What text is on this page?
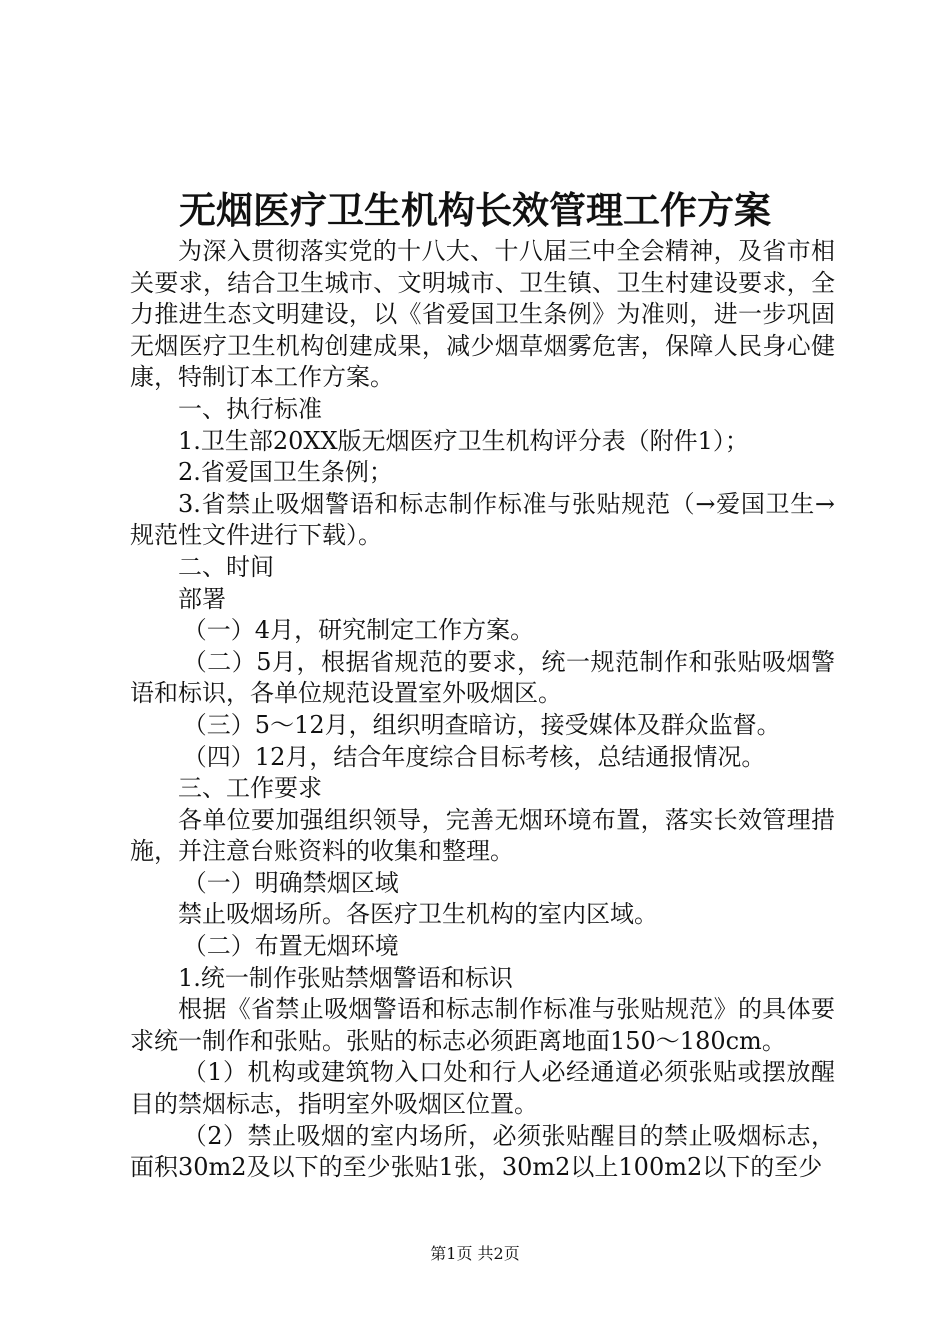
无烟医疗卫生机构长效管理工作方案

为深入贯彻落实党的十八大、十八届三中全会精神，及省市相关要求，结合卫生城市、文明城市、卫生镇、卫生村建设要求，全力推进生态文明建设，以《省爱国卫生条例》为准则，进一步巩固无烟医疗卫生机构创建成果，减少烟草烟雾危害，保障人民身心健康，特制订本工作方案。

一、执行标准

1.卫生部20XX版无烟医疗卫生机构评分表（附件1）；

2.省爱国卫生条例；

3.省禁止吸烟警语和标志制作标准与张贴规范（→爱国卫生→规范性文件进行下载）。

二、时间

部署

（一）4月，研究制定工作方案。

（二）5月，根据省规范的要求，统一规范制作和张贴吸烟警语和标识，各单位规范设置室外吸烟区。

（三）5～12月，组织明查暗访，接受媒体及群众监督。

（四）12月，结合年度综合目标考核，总结通报情况。

三、工作要求

各单位要加强组织领导，完善无烟环境布置，落实长效管理措施，并注意台账资料的收集和整理。

（一）明确禁烟区域

禁止吸烟场所。各医疗卫生机构的室内区域。

（二）布置无烟环境

1.统一制作张贴禁烟警语和标识

根据《省禁止吸烟警语和标志制作标准与张贴规范》的具体要求统一制作和张贴。张贴的标志必须距离地面150～180cm。

（1）机构或建筑物入口处和行人必经通道必须张贴或摆放醒目的禁烟标志，指明室外吸烟区位置。

（2）禁止吸烟的室内场所，必须张贴醒目的禁止吸烟标志，面积30m2及以下的至少张贴1张，30m2以上100m2以下的至少

第1页 共2页
